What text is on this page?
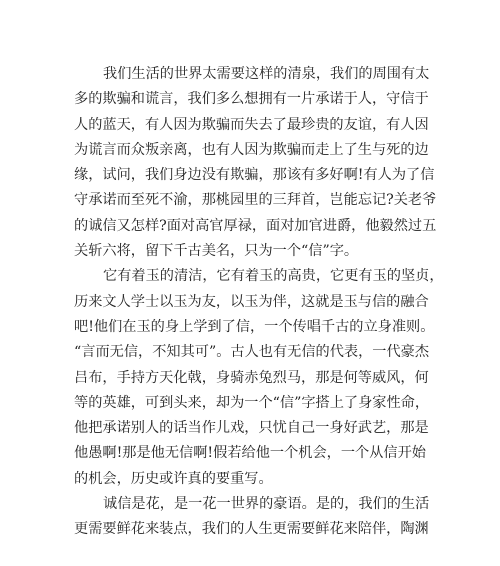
我们生活的世界太需要这样的清泉，我们的周围有太
多的欺骗和谎言，我们多么想拥有一片承诺于人，守信于
人的蓝天，有人因为欺骗而失去了最珍贵的友谊，有人因
为谎言而众叛亲离，也有人因为欺骗而走上了生与死的边
缘，试问，我们身边没有欺骗，那该有多好啊!有人为了信
守承诺而至死不渝，那桃园里的三拜首，岂能忘记?关老爷
的诚信又怎样?面对高官厚禄，面对加官进爵，他毅然过五
关斩六将，留下千古美名，只为一个“信”字。
它有着玉的清洁，它有着玉的高贵，它更有玉的坚贞，
历来文人学士以玉为友，以玉为伴，这就是玉与信的融合
吧!他们在玉的身上学到了信，一个传唱千古的立身准则。
“言而无信，不知其可”。古人也有无信的代表，一代豪杰
吕布，手持方天化戟，身骑赤兔烈马，那是何等威风，何
等的英雄，可到头来，却为一个“信”字搭上了身家性命，
他把承诺别人的话当作儿戏，只忧自己一身好武艺，那是
他愚啊!那是他无信啊!假若给他一个机会，一个从信开始
的机会，历史或许真的要重写。
诚信是花，是一花一世界的豪语。是的，我们的生活
更需要鲜花来装点，我们的人生更需要鲜花来陪伴，陶渊
